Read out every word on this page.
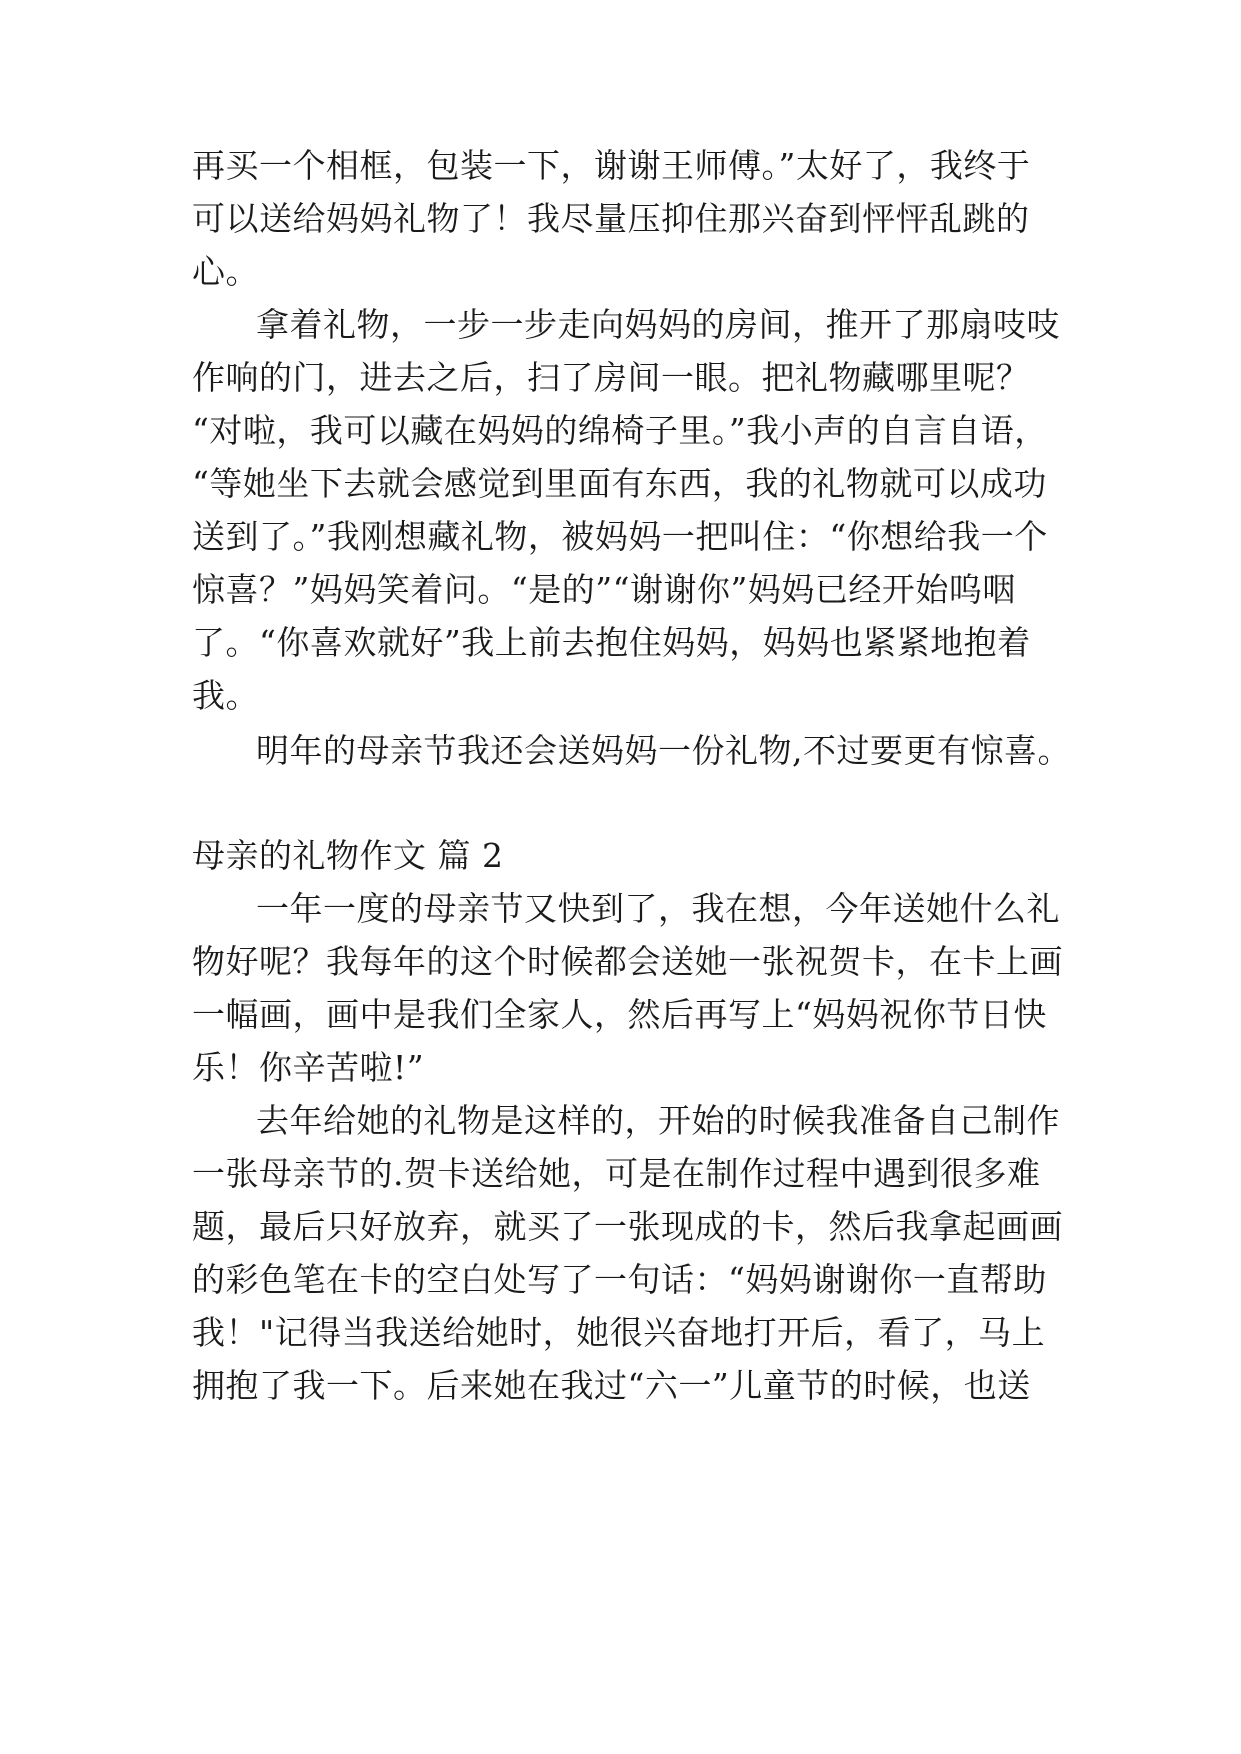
再买一个相框，包装一下，谢谢王师傅。”太好了，我终于
可以送给妈妈礼物了！我尽量压抑住那兴奋到怦怦乱跳的
心。
拿着礼物，一步一步走向妈妈的房间，推开了那扇吱吱
作响的门，进去之后，扫了房间一眼。把礼物藏哪里呢？
“对啦，我可以藏在妈妈的绵椅子里。”我小声的自言自语，
“等她坐下去就会感觉到里面有东西，我的礼物就可以成功
送到了。”我刚想藏礼物，被妈妈一把叫住：“你想给我一个
惊喜？”妈妈笑着问。“是的”“谢谢你”妈妈已经开始呜咽
了。“你喜欢就好”我上前去抱住妈妈，妈妈也紧紧地抱着
我。
明年的母亲节我还会送妈妈一份礼物,不过要更有惊喜。
母亲的礼物作文 篇 2
一年一度的母亲节又快到了，我在想，今年送她什么礼
物好呢？我每年的这个时候都会送她一张祝贺卡，在卡上画
一幅画，画中是我们全家人，然后再写上“妈妈祝你节日快
乐！你辛苦啦!”
去年给她的礼物是这样的，开始的时候我准备自己制作
一张母亲节的.贺卡送给她，可是在制作过程中遇到很多难
题，最后只好放弃，就买了一张现成的卡，然后我拿起画画
的彩色笔在卡的空白处写了一句话：“妈妈谢谢你一直帮助
我！"记得当我送给她时，她很兴奋地打开后，看了，马上
拥抱了我一下。后来她在我过“六一”儿童节的时候，也送
